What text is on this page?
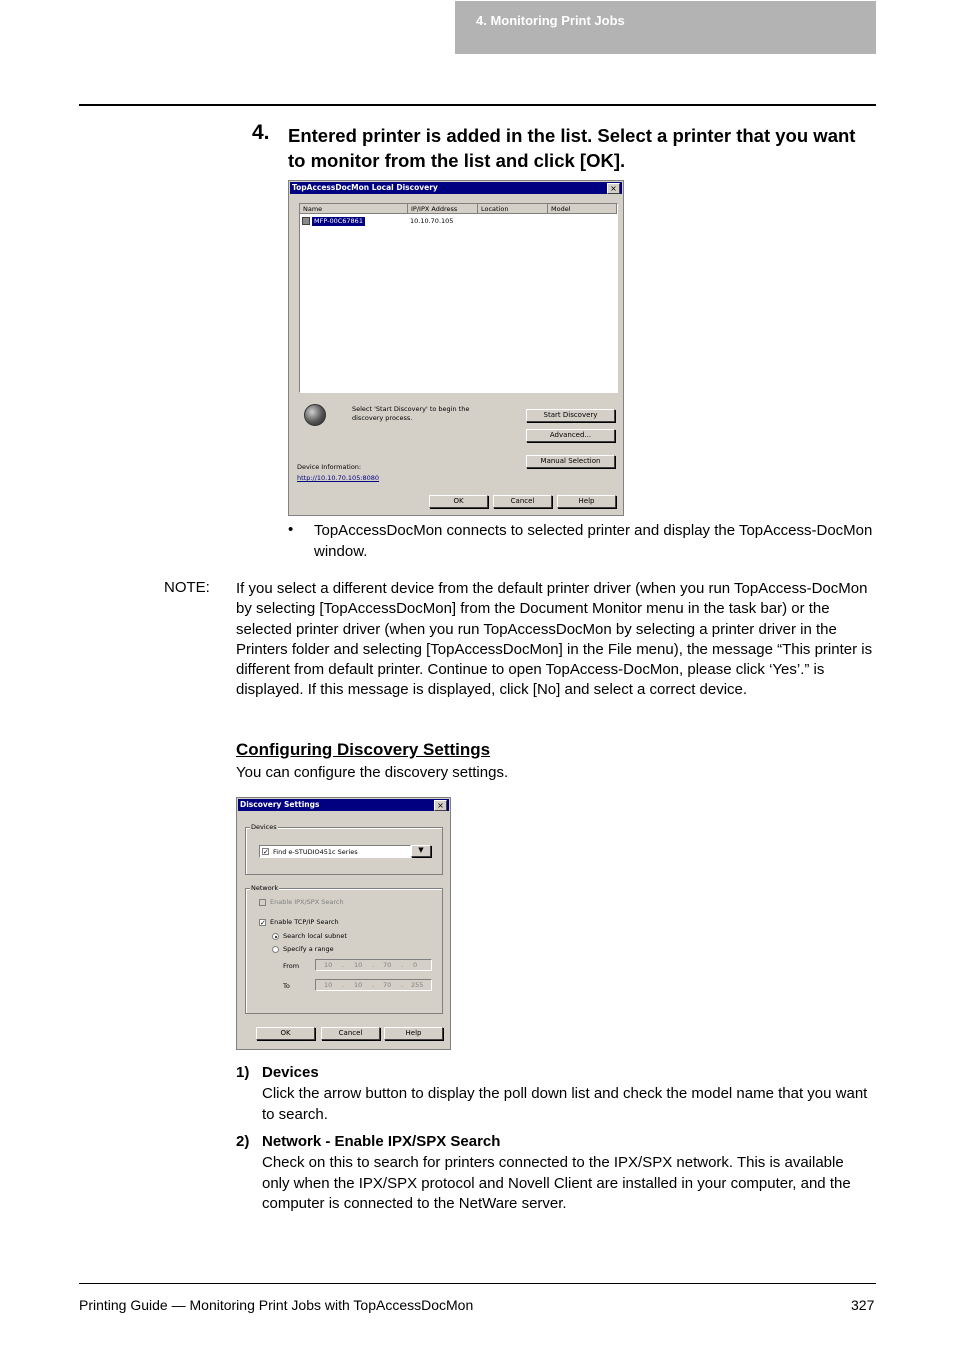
4. Monitoring Print Jobs
4. Entered printer is added in the list. Select a printer that you want to monitor from the list and click [OK].
TopAccessDocMon Local Discovery	×
Name	IP/IPX Address	Location	Model
MFP-00C67861	10.10.70.105
Select 'Start Discovery' to begin the discovery process.	Start Discovery
Advanced...
Manual Selection
Device Information:
http://10.10.70.105:8080
OK	Cancel	Help
• TopAccessDocMon connects to selected printer and display the TopAccess-DocMon window.
NOTE: If you select a different device from the default printer driver (when you run TopAccess-DocMon by selecting [TopAccessDocMon] from the Document Monitor menu in the task bar) or the selected printer driver (when you run TopAccessDocMon by selecting a printer driver in the Printers folder and selecting [TopAccessDocMon] in the File menu), the message “This printer is different from default printer. Continue to open TopAccess-DocMon, please click ‘Yes’.” is displayed. If this message is displayed, click [No] and select a correct device.
Configuring Discovery Settings
You can configure the discovery settings.
Discovery Settings	×
Devices
✓ Find e-STUDIO451c Series	▼
Network
Enable IPX/SPX Search
✓ Enable TCP/IP Search
Search local subnet
Specify a range
From	10 . 10 . 70 . 0
To	10 . 10 . 70 . 255
OK	Cancel	Help
1) Devices
Click the arrow button to display the poll down list and check the model name that you want to search.
2) Network - Enable IPX/SPX Search
Check on this to search for printers connected to the IPX/SPX network. This is available only when the IPX/SPX protocol and Novell Client are installed in your computer, and the computer is connected to the NetWare server.
Printing Guide — Monitoring Print Jobs with TopAccessDocMon	327
